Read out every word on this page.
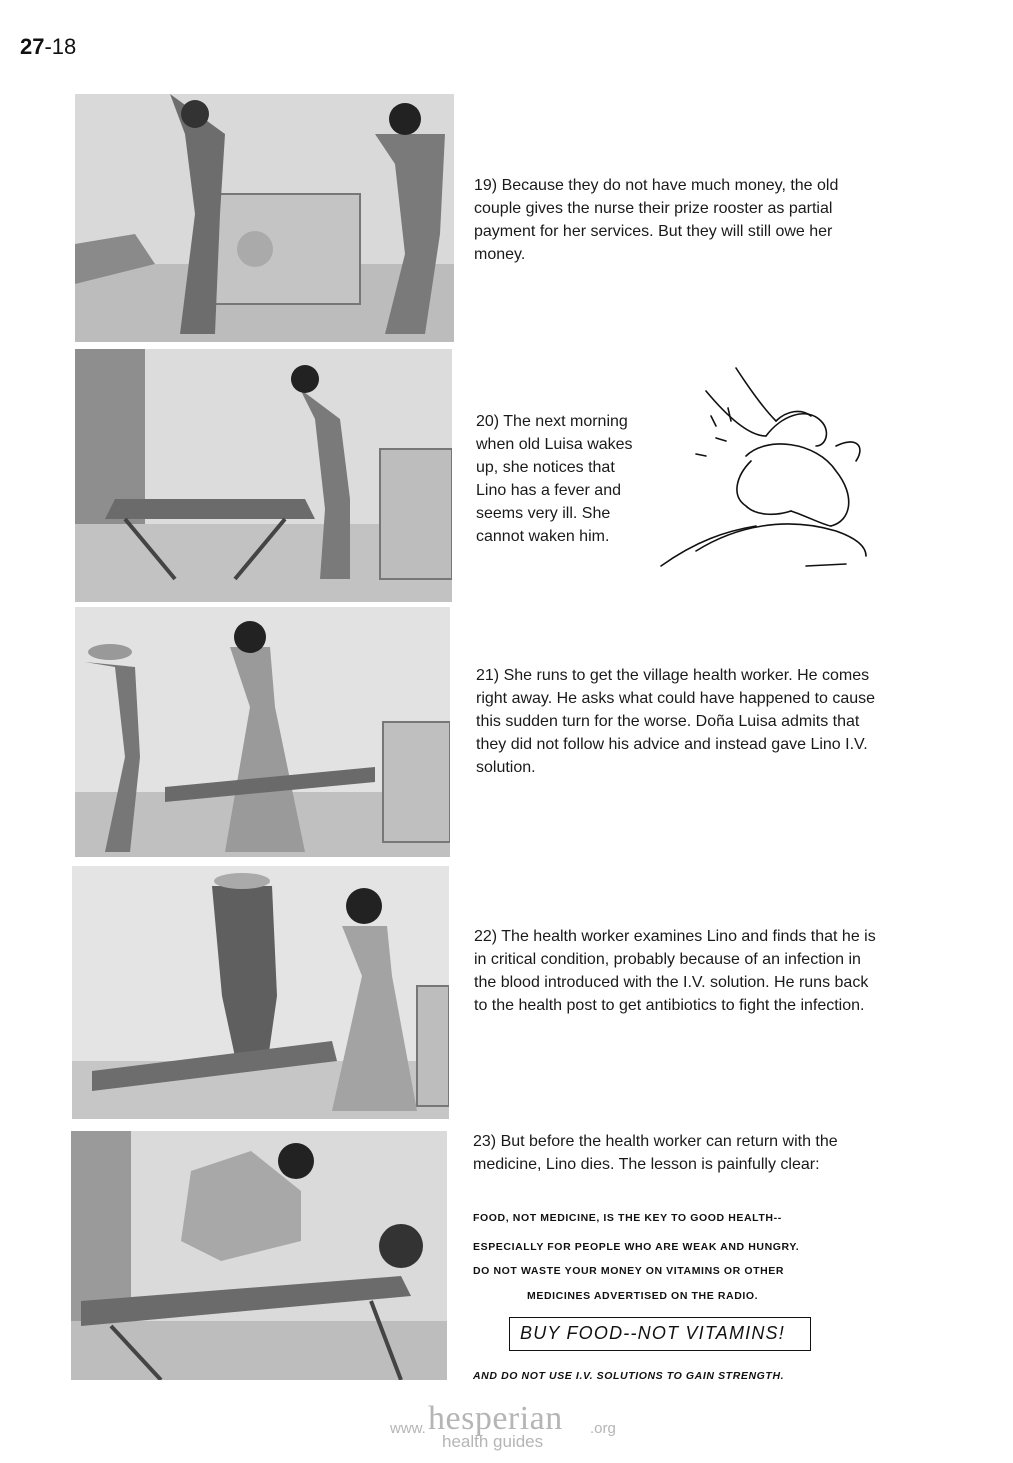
27-18
19) Because they do not have much money, the old couple gives the nurse their prize rooster as partial payment for her services. But they will still owe her money.
20) The next morning
when old Luisa wakes
up, she notices that
Lino has a fever and
seems very ill. She
cannot waken him.
21) She runs to get the village health worker. He comes right away. He asks what could have happened to cause this sudden turn for the worse. Doña Luisa admits that they did not follow his advice and instead gave Lino I.V. solution.
22) The health worker examines Lino and finds that he is in critical condition, probably because of an infection in the blood introduced with the I.V. solution. He runs back to the health post to get antibiotics to fight the infection.
23) But before the health worker can return with the medicine, Lino dies. The lesson is painfully clear:
FOOD, NOT MEDICINE, IS THE KEY TO GOOD HEALTH--
ESPECIALLY FOR PEOPLE WHO ARE WEAK AND HUNGRY.
DO NOT WASTE YOUR MONEY ON VITAMINS OR OTHER
MEDICINES ADVERTISED ON THE RADIO.
BUY FOOD--NOT VITAMINS!
AND DO NOT USE I.V. SOLUTIONS TO GAIN STRENGTH.
www. hesperian .org
health guides
